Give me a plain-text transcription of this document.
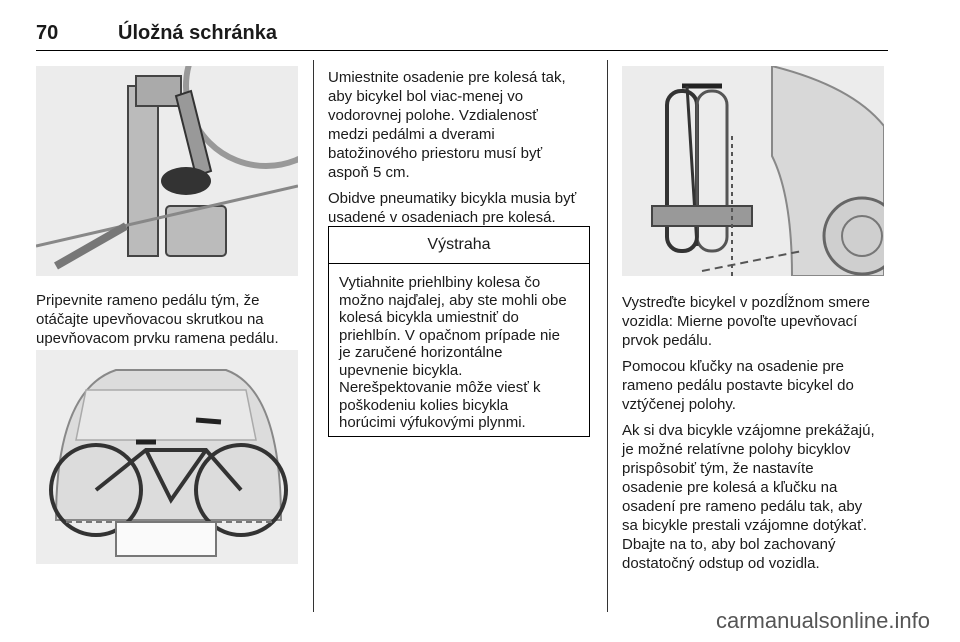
70	Úložná schránka
Pripevnite rameno pedálu tým, že
otáčajte upevňovacou skrutkou na
upevňovacom prvku ramena pedálu.

Umiestnite osadenie pre kolesá tak,
aby bicykel bol viac-menej vo
vodorovnej polohe. Vzdialenosť
medzi pedálmi a dverami
batožinového priestoru musí byť
aspoň 5 cm.

Obidve pneumatiky bicykla musia byť
usadené v osadeniach pre kolesá.

Výstraha
Vytiahnite priehlbiny kolesa čo
možno najďalej, aby ste mohli obe
kolesá bicykla umiestniť do
priehlbín. V opačnom prípade nie
je zaručené horizontálne
upevnenie bicykla.
Nerešpektovanie môže viesť k
poškodeniu kolies bicykla
horúcimi výfukovými plynmi.

Vystreďte bicykel v pozdĺžnom smere
vozidla: Mierne povoľte upevňovací
prvok pedálu.

Pomocou kľučky na osadenie pre
rameno pedálu postavte bicykel do
vztýčenej polohy.

Ak si dva bicykle vzájomne prekážajú,
je možné relatívne polohy bicyklov
prispôsobiť tým, že nastavíte
osadenie pre kolesá a kľučku na
osadení pre rameno pedálu tak, aby
sa bicykle prestali vzájomne dotýkať.
Dbajte na to, aby bol zachovaný
dostatočný odstup od vozidla.

carmanualsonline.info
